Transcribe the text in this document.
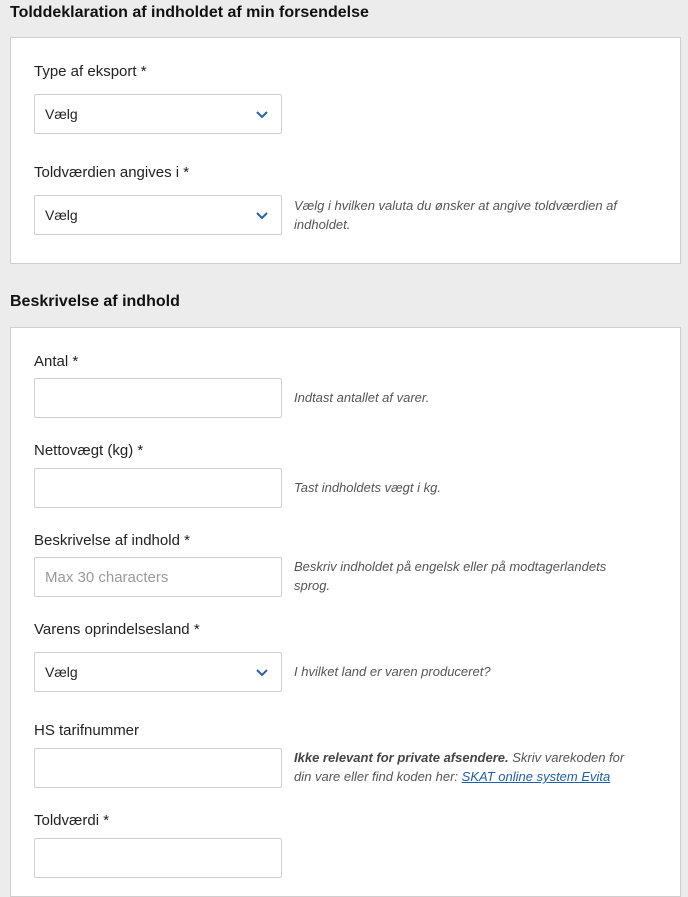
Tolddeklaration af indholdet af min forsendelse
Type af eksport *
Vælg
Toldværdien angives i *
Vælg
Vælg i hvilken valuta du ønsker at angive toldværdien af indholdet.
Beskrivelse af indhold
Antal *
Indtast antallet af varer.
Nettovægt (kg) *
Tast indholdets vægt i kg.
Beskrivelse af indhold *
Max 30 characters
Beskriv indholdet på engelsk eller på modtagerlandets sprog.
Varens oprindelsesland *
Vælg	I hvilket land er varen produceret?
HS tarifnummer
Ikke relevant for private afsendere. Skriv varekoden for din vare eller find koden her: SKAT online system Evita
Toldværdi *
